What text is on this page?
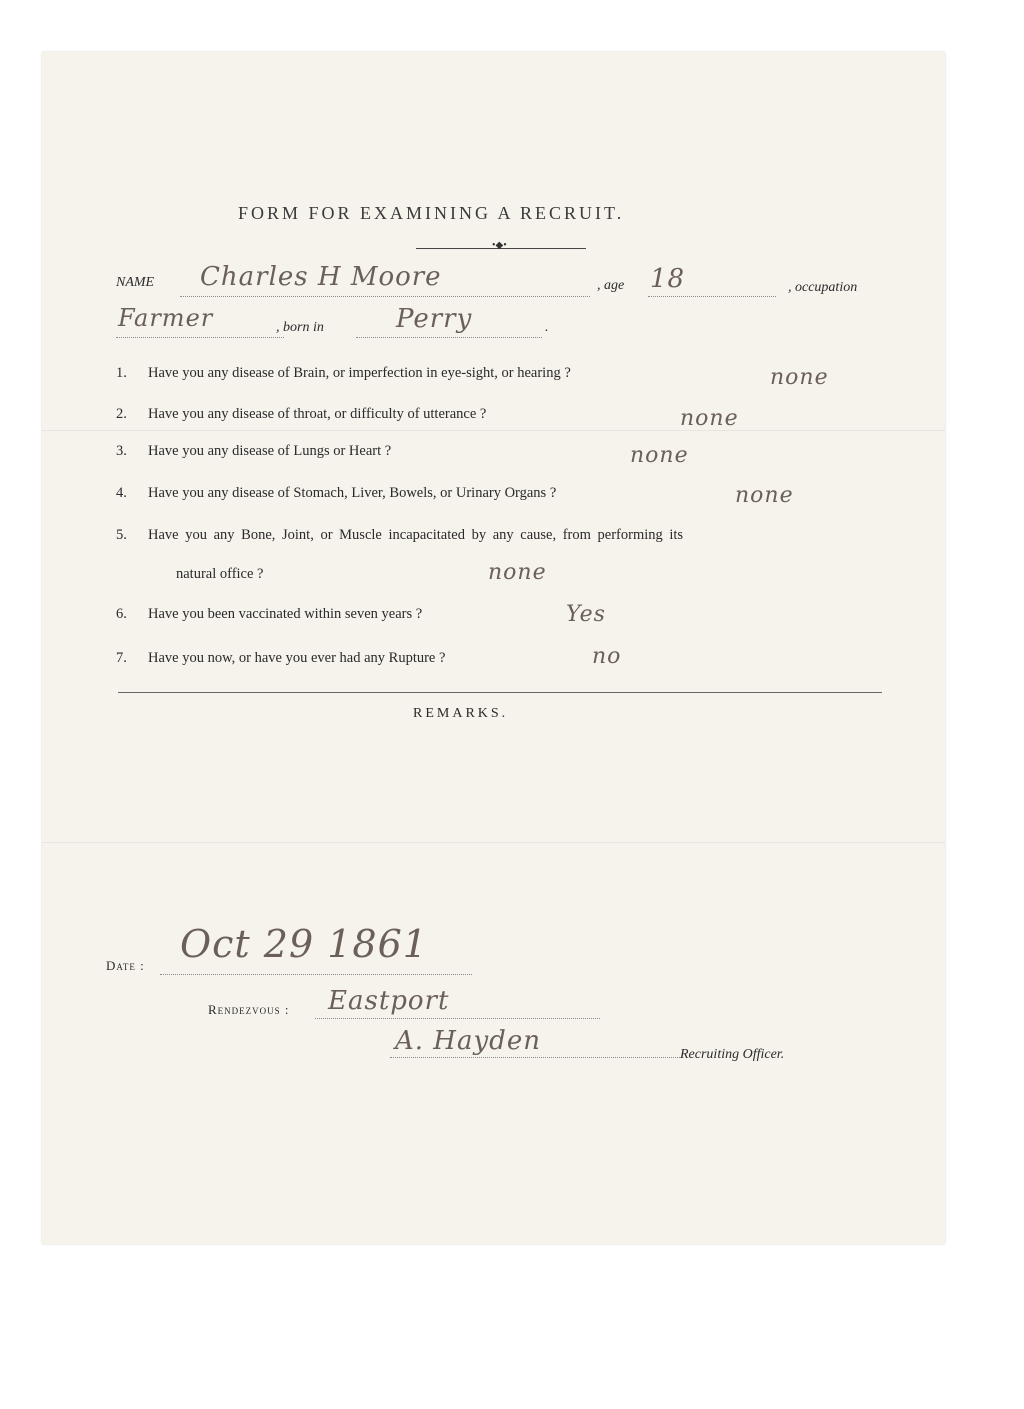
FORM FOR EXAMINING A RECRUIT.
•◆•
NAME Charles H Moore	, age 18	, occupation
Farmer	, born in	Perry	.
1. Have you any disease of Brain, or imperfection in eye-sight, or hearing ?	none
2. Have you any disease of throat, or difficulty of utterance ?	none
3. Have you any disease of Lungs or Heart ?	none
4. Have you any disease of Stomach, Liver, Bowels, or Urinary Organs ?	none
5. Have you any Bone, Joint, or Muscle incapacitated by any cause, from performing its
natural office ?	none
6. Have you been vaccinated within seven years ?	Yes
7. Have you now, or have you ever had any Rupture ?	no
REMARKS.
Date : Oct 29 1861
Rendezvous : Eastport
A. Hayden	Recruiting Officer.
